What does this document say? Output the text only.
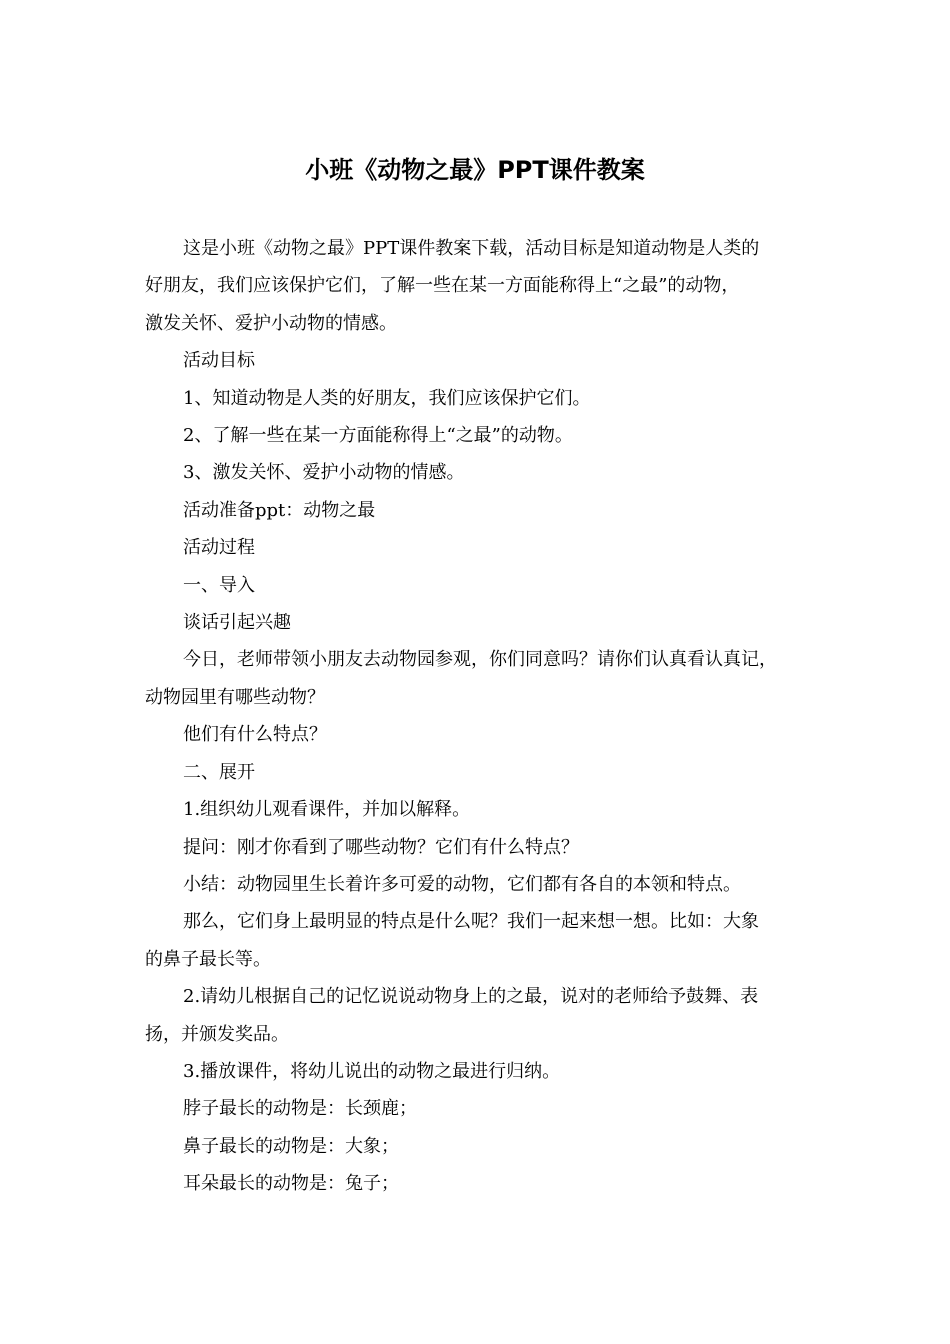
小班《动物之最》PPT课件教案

这是小班《动物之最》PPT课件教案下载，活动目标是知道动物是人类的
好朋友，我们应该保护它们，了解一些在某一方面能称得上“之最”的动物，
激发关怀、爱护小动物的情感。

活动目标

1、知道动物是人类的好朋友，我们应该保护它们。

2、了解一些在某一方面能称得上“之最”的动物。

3、激发关怀、爱护小动物的情感。

活动准备ppt：动物之最

活动过程

一、导入

谈话引起兴趣

今日，老师带领小朋友去动物园参观，你们同意吗？请你们认真看认真记，
动物园里有哪些动物？

他们有什么特点？

二、展开

1.组织幼儿观看课件，并加以解释。

提问：刚才你看到了哪些动物？它们有什么特点？

小结：动物园里生长着许多可爱的动物，它们都有各自的本领和特点。

那么，它们身上最明显的特点是什么呢？我们一起来想一想。比如：大象
的鼻子最长等。

2.请幼儿根据自己的记忆说说动物身上的之最，说对的老师给予鼓舞、表
扬，并颁发奖品。

3.播放课件，将幼儿说出的动物之最进行归纳。

脖子最长的动物是：长颈鹿；

鼻子最长的动物是：大象；

耳朵最长的动物是：兔子；
